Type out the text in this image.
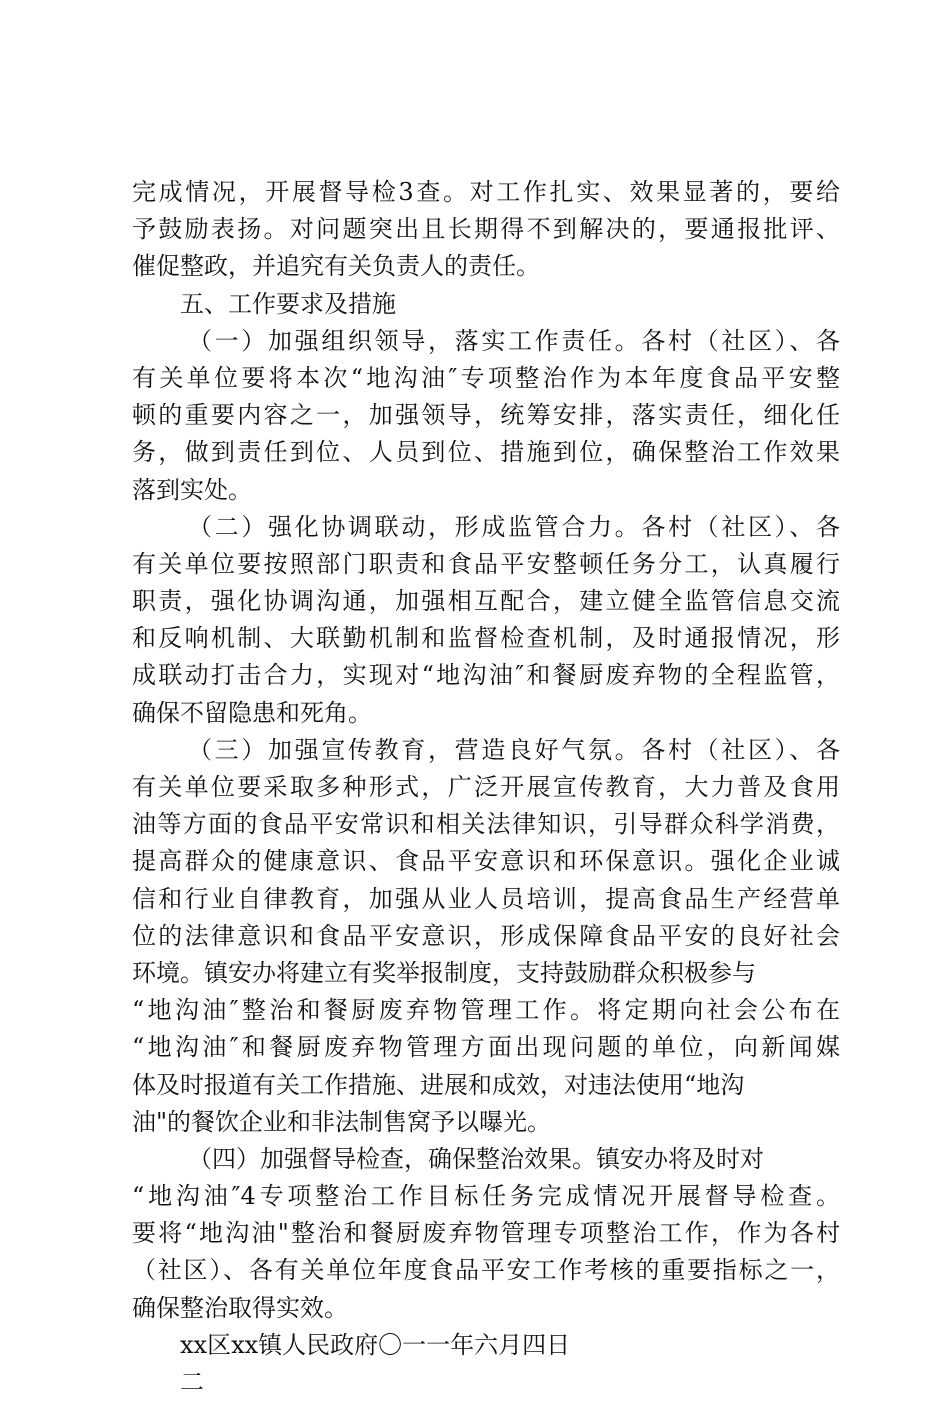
完成情况，开展督导检3查。对工作扎实、效果显著的，要给
予鼓励表扬。对问题突出且长期得不到解决的，要通报批评、
催促整政，并追究有关负责人的责任。
五、工作要求及措施
（一）加强组织领导，落实工作责任。各村（社区）、各
有关单位要将本次“地沟油″专项整治作为本年度食品平安整
顿的重要内容之一，加强领导，统筹安排，落实责任，细化任
务，做到责任到位、人员到位、措施到位，确保整治工作效果
落到实处。
（二）强化协调联动，形成监管合力。各村（社区）、各
有关单位要按照部门职责和食品平安整顿任务分工，认真履行
职责，强化协调沟通，加强相互配合，建立健全监管信息交流
和反响机制、大联勤机制和监督检查机制，及时通报情况，形
成联动打击合力，实现对“地沟油″和餐厨废弃物的全程监管，
确保不留隐患和死角。
（三）加强宣传教育，营造良好气氛。各村（社区）、各
有关单位要采取多种形式，广泛开展宣传教育，大力普及食用
油等方面的食品平安常识和相关法律知识，引导群众科学消费，
提高群众的健康意识、食品平安意识和环保意识。强化企业诚
信和行业自律教育，加强从业人员培训，提高食品生产经营单
位的法律意识和食品平安意识，形成保障食品平安的良好社会
环境。镇安办将建立有奖举报制度，支持鼓励群众积极参与
“地沟油″整治和餐厨废弃物管理工作。将定期向社会公布在
“地沟油″和餐厨废弃物管理方面出现问题的单位，向新闻媒
体及时报道有关工作措施、进展和成效，对违法使用“地沟
油"的餐饮企业和非法制售窝予以曝光。
（四）加强督导检查，确保整治效果。镇安办将及时对
“地沟油″4专项整治工作目标任务完成情况开展督导检查。
要将“地沟油"整治和餐厨废弃物管理专项整治工作，作为各村
（社区）、各有关单位年度食品平安工作考核的重要指标之一，
确保整治取得实效。
xx区xx镇人民政府〇一一年六月四日
二
